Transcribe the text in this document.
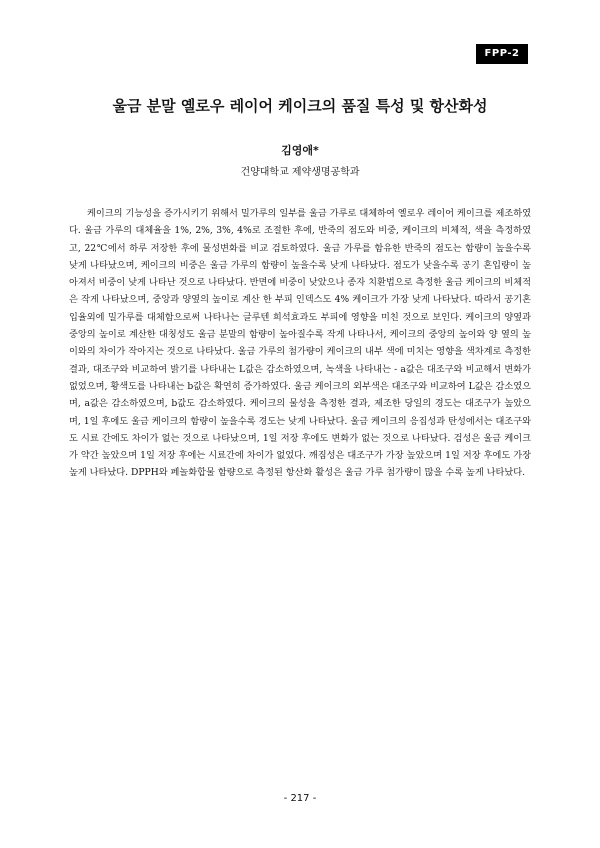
FPP-2
울금 분말 옐로우 레이어 케이크의 품질 특성 및 항산화성
김영애*
건양대학교 제약생명공학과

케이크의 기능성을 증가시키기 위해서 밀가루의 일부를 울금 가루로 대체하여 옐로우 레이어 케이크를 제조하였다. 울금 가루의 대체율을 1%, 2%, 3%, 4%로 조절한 후에, 반죽의 점도와 비중, 케이크의 비체적, 색을 측정하였고, 22℃에서 하루 저장한 후에 물성변화를 비교 검토하였다. 울금 가루를 함유한 반죽의 점도는 함량이 높을수록 낮게 나타났으며, 케이크의 비중은 울금 가루의 함량이 높을수록 낮게 나타났다. 점도가 낮을수록 공기 혼입량이 높아져서 비중이 낮게 나타난 것으로 나타났다. 반면에 비중이 낮았으나 종자 치환법으로 측정한 울금 케이크의 비체적은 작게 나타났으며, 중앙과 양옆의 높이로 계산 한 부피 인덱스도 4% 케이크가 가장 낮게 나타났다. 따라서 공기혼입율외에 밀가루를 대체함으로써 나타나는 글루텐 희석효과도 부피에 영향을 미친 것으로 보인다. 케이크의 양옆과 중앙의 높이로 계산한 대칭성도 울금 분말의 함량이 높아질수록 작게 나타나서, 케이크의 중앙의 높이와 양 옆의 높이와의 차이가 작아지는 것으로 나타났다. 울금 가루의 첨가량이 케이크의 내부 색에 미치는 영향을 색차계로 측정한 결과, 대조구와 비교하여 밝기를 나타내는 L값은 감소하였으며, 녹색을 나타내는 - a값은 대조구와 비교해서 변화가 없었으며, 황색도를 나타내는 b값은 확연히 증가하였다. 울금 케이크의 외부색은 대조구와 비교하여 L값은 감소였으며, a값은 감소하였으며, b값도 감소하였다. 케이크의 물성을 측정한 결과, 제조한 당일의 경도는 대조구가 높았으며, 1일 후에도 울금 케이크의 함량이 높을수록 경도는 낮게 나타났다. 울금 케이크의 응집성과 탄성에서는 대조구와도 시료 간에도 차이가 없는 것으로 나타났으며, 1일 저장 후에도 변화가 없는 것으로 나타났다. 검성은 울금 케이크가 약간 높았으며 1일 저장 후에는 시료간에 차이가 없었다. 깨짐성은 대조구가 가장 높았으며 1일 저장 후에도 가장 높게 나타났다. DPPH와 페놀화합물 함량으로 측정된 항산화 활성은 울금 가루 첨가량이 많을 수록 높게 나타났다.

- 217 -
